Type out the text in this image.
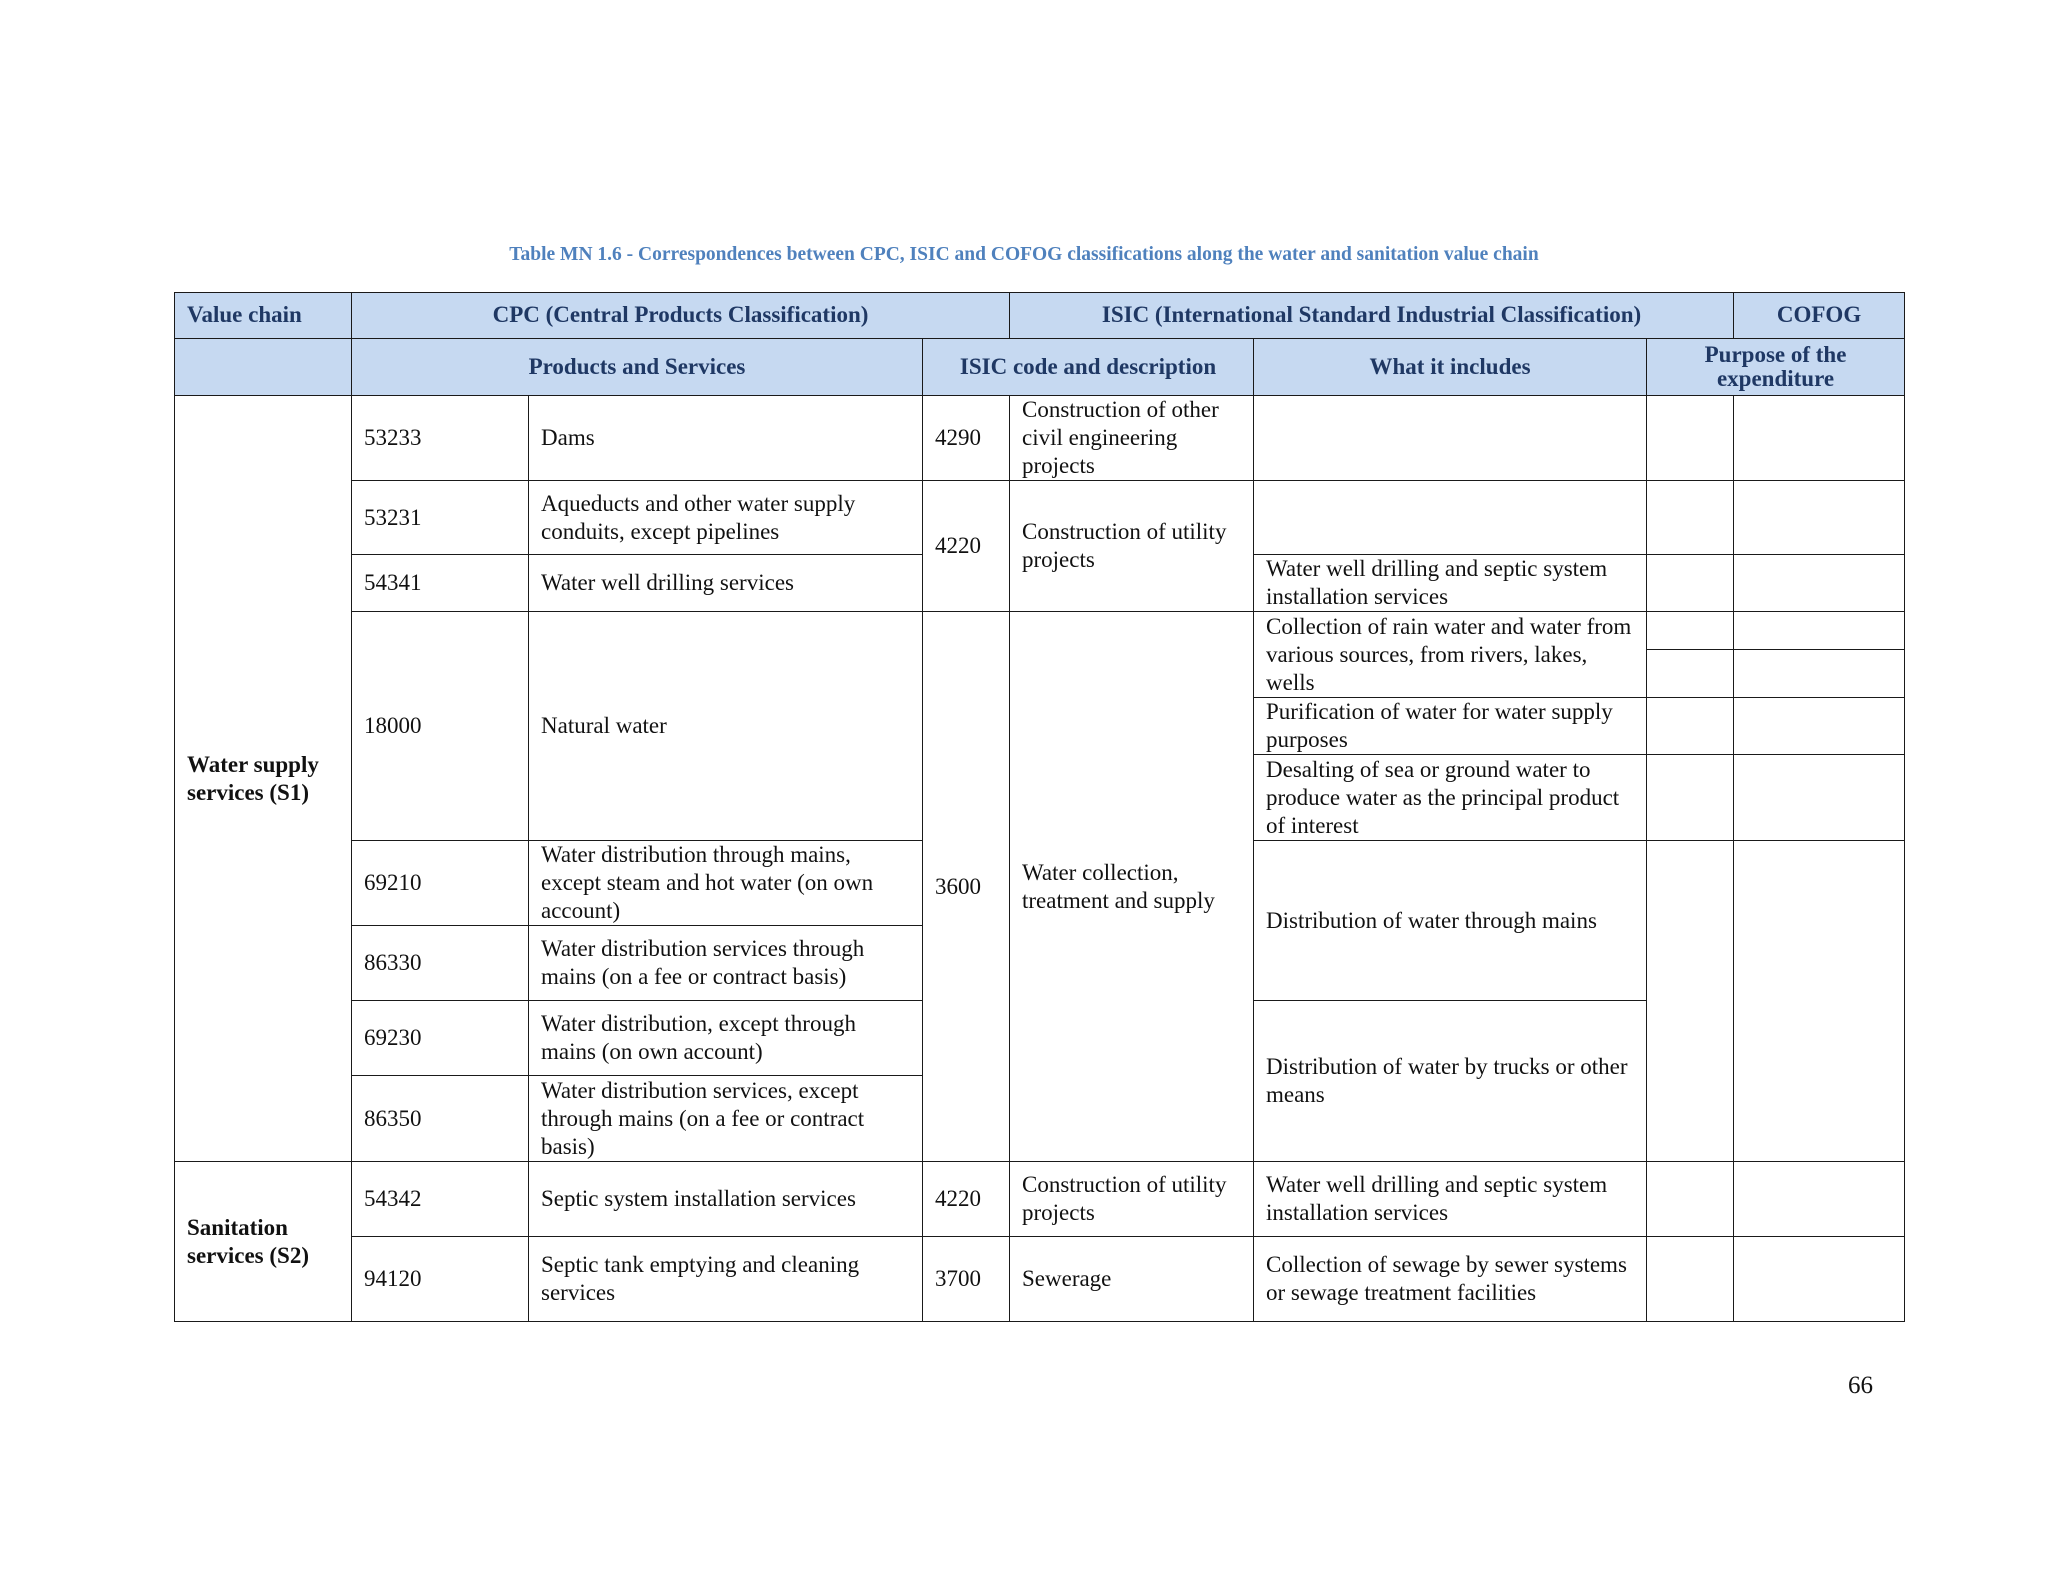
Table MN 1.6 - Correspondences between CPC, ISIC and COFOG classifications along the water and sanitation value chain
Value chain	CPC (Central Products Classification)		ISIC (International Standard Industrial Classification)			COFOG
	Products and Services	ISIC code and description		What it includes	Purpose of the expenditure	
Water supply services (S1)	53233	Dams	4290	Construction of other civil engineering projects			
	53231	Aqueducts and other water supply conduits, except pipelines	4220	Construction of utility projects			
	54341	Water well drilling services			Water well drilling and septic system installation services		
	18000	Natural water	3600	Water collection, treatment and supply	Collection of rain water and water from various sources, from rivers, lakes, wells		

					Purification of water for water supply purposes		
					Desalting of sea or ground water to produce water as the principal product of interest		
	69210	Water distribution through mains, except steam and hot water (on own account)			Distribution of water through mains		
	86330	Water distribution services through mains (on a fee or contract basis)					
	69230	Water distribution, except through mains (on own account)			Distribution of water by trucks or other means		
	86350	Water distribution services, except through mains (on a fee or contract basis)					
Sanitation services (S2)	54342	Septic system installation services	4220	Construction of utility projects	Water well drilling and septic system installation services		
	94120	Septic tank emptying and cleaning services	3700	Sewerage	Collection of sewage by sewer systems or sewage treatment facilities		
66
